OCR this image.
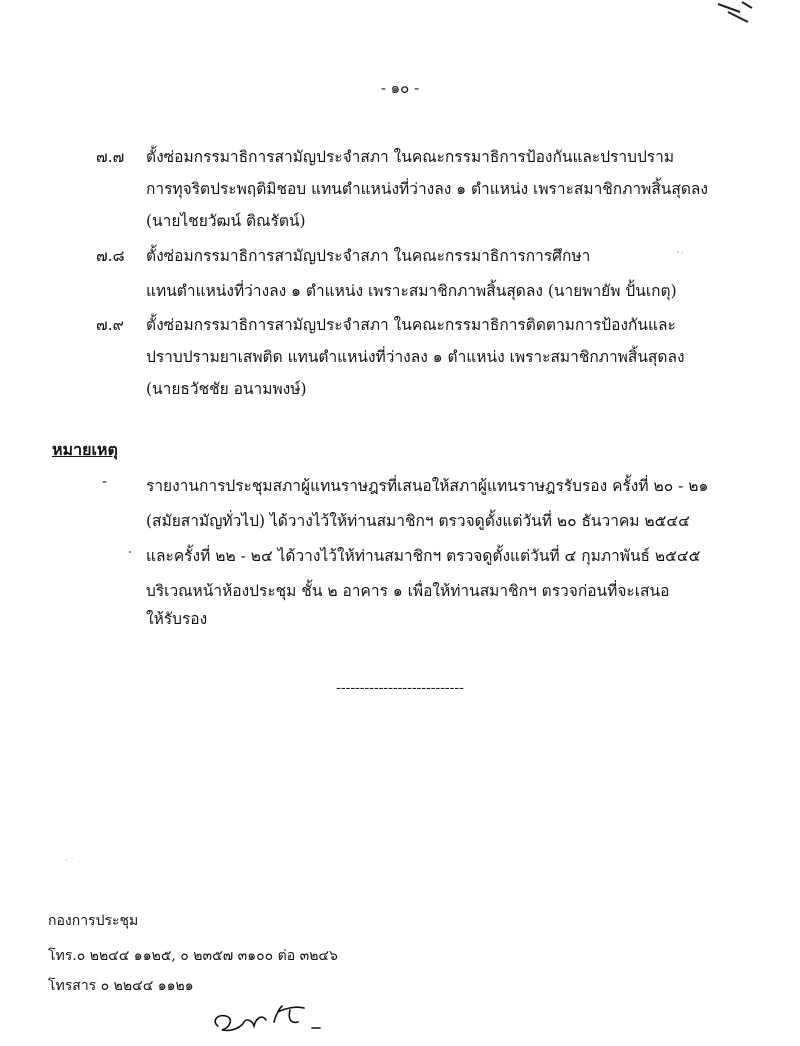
- ๑๐ -
๗.๗ ตั้งซ่อมกรรมาธิการสามัญประจำสภา ในคณะกรรมาธิการป้องกันและปราบปราม
การทุจริตประพฤติมิชอบ แทนตำแหน่งที่ว่างลง ๑ ตำแหน่ง เพราะสมาชิกภาพสิ้นสุดลง
(นายไชยวัฒน์ ติณรัตน์)
๗.๘ ตั้งซ่อมกรรมาธิการสามัญประจำสภา ในคณะกรรมาธิการการศึกษา
แทนตำแหน่งที่ว่างลง ๑ ตำแหน่ง เพราะสมาชิกภาพสิ้นสุดลง (นายพายัพ ปั้นเกตุ)
๗.๙ ตั้งซ่อมกรรมาธิการสามัญประจำสภา ในคณะกรรมาธิการติดตามการป้องกันและ
ปราบปรามยาเสพติด แทนตำแหน่งที่ว่างลง ๑ ตำแหน่ง เพราะสมาชิกภาพสิ้นสุดลง
(นายธวัชชัย อนามพงษ์)
หมายเหตุ
-	รายงานการประชุมสภาผู้แทนราษฎรที่เสนอให้สภาผู้แทนราษฎรรับรอง ครั้งที่ ๒๐ - ๒๑
(สมัยสามัญทั่วไป) ได้วางไว้ให้ท่านสมาชิกฯ ตรวจดูตั้งแต่วันที่ ๒๐ ธันวาคม ๒๕๔๔
และครั้งที่ ๒๒ - ๒๔ ได้วางไว้ให้ท่านสมาชิกฯ ตรวจดูตั้งแต่วันที่ ๔ กุมภาพันธ์ ๒๕๔๕
บริเวณหน้าห้องประชุม ชั้น ๒ อาคาร ๑ เพื่อให้ท่านสมาชิกฯ ตรวจก่อนที่จะเสนอ
ให้รับรอง
---------------------------
กองการประชุม
โทร.๐ ๒๒๔๔ ๑๑๒๕, ๐ ๒๓๕๗ ๓๑๐๐ ต่อ ๓๒๔๖
โทรสาร ๐ ๒๒๔๔ ๑๑๒๑
